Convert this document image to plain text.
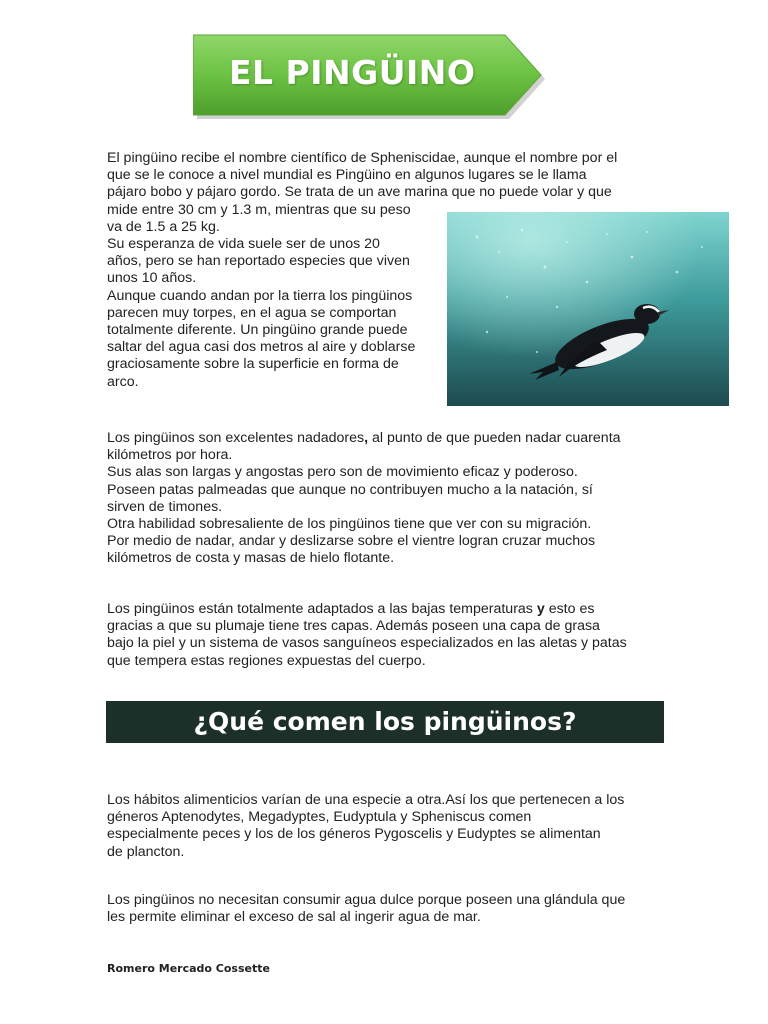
EL PINGÜINO

El pingüino recibe el nombre científico de Spheniscidae, aunque el nombre por el
que se le conoce a nivel mundial es Pingüino en algunos lugares se le llama
pájaro bobo y pájaro gordo. Se trata de un ave marina que no puede volar y que
mide entre 30 cm y 1.3 m, mientras que su peso
va de 1.5 a 25 kg.
Su esperanza de vida suele ser de unos 20
años, pero se han reportado especies que viven
unos 10 años.
Aunque cuando andan por la tierra los pingüinos
parecen muy torpes, en el agua se comportan
totalmente diferente. Un pingüino grande puede
saltar del agua casi dos metros al aire y doblarse
graciosamente sobre la superficie en forma de
arco.

Los pingüinos son excelentes nadadores, al punto de que pueden nadar cuarenta
kilómetros por hora.
Sus alas son largas y angostas pero son de movimiento eficaz y poderoso.
Poseen patas palmeadas que aunque no contribuyen mucho a la natación, sí
sirven de timones.
Otra habilidad sobresaliente de los pingüinos tiene que ver con su migración.
Por medio de nadar, andar y deslizarse sobre el vientre logran cruzar muchos
kilómetros de costa y masas de hielo flotante.

Los pingüinos están totalmente adaptados a las bajas temperaturas y esto es
gracias a que su plumaje tiene tres capas. Además poseen una capa de grasa
bajo la piel y un sistema de vasos sanguíneos especializados en las aletas y patas
que tempera estas regiones expuestas del cuerpo.

¿Qué comen los pingüinos?

Los hábitos alimenticios varían de una especie a otra.Así los que pertenecen a los
géneros Aptenodytes, Megadyptes, Eudyptula y Spheniscus comen
especialmente peces y los de los géneros Pygoscelis y Eudyptes se alimentan
de plancton.

Los pingüinos no necesitan consumir agua dulce porque poseen una glándula que
les permite eliminar el exceso de sal al ingerir agua de mar.

Romero Mercado Cossette
